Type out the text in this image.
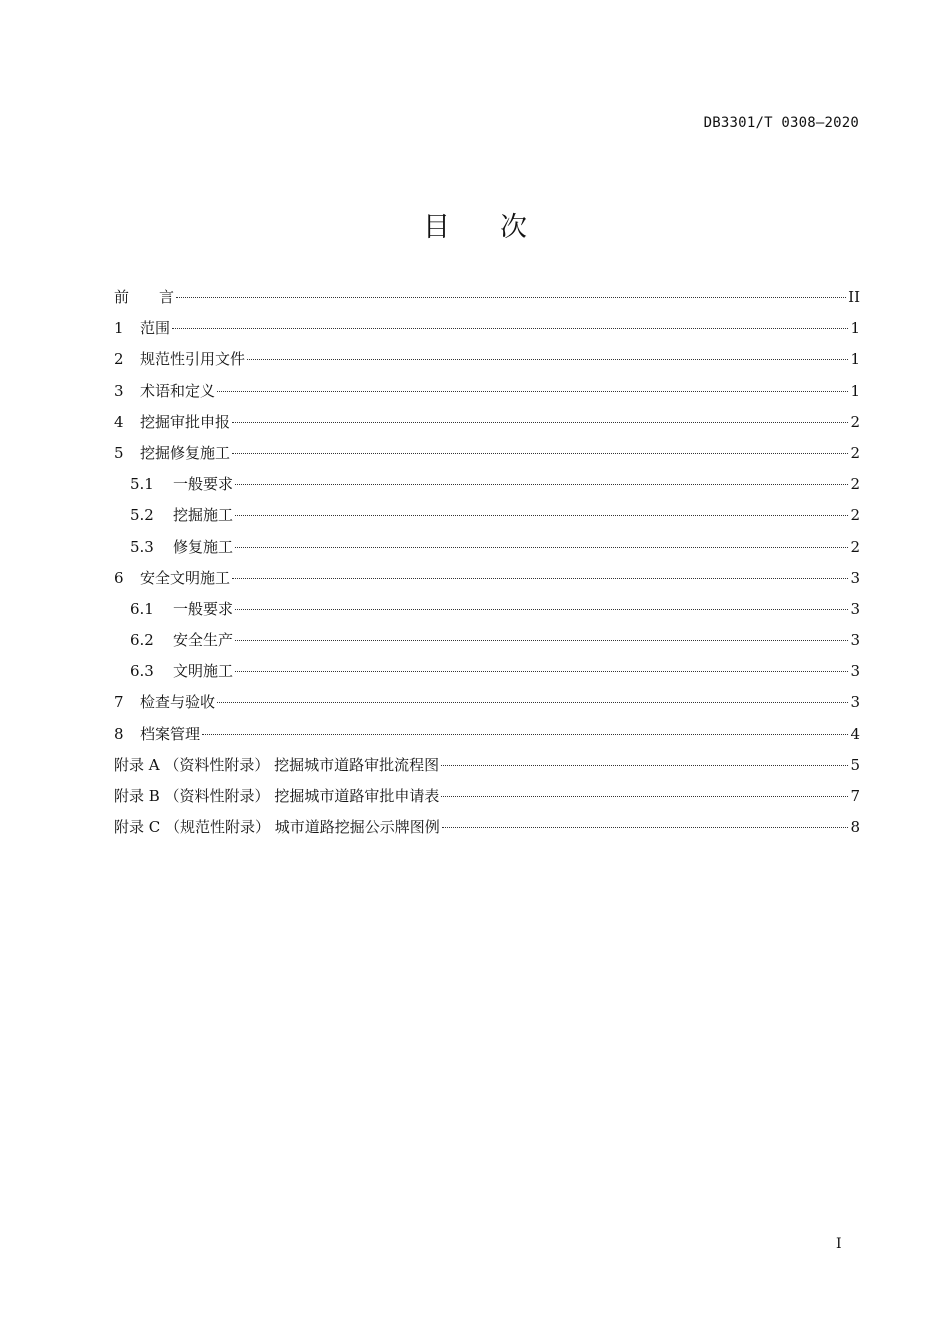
DB3301/T 0308—2020
目 次
前　　言	II
1	范围	1
2	规范性引用文件	1
3	术语和定义	1
4	挖掘审批申报	2
5	挖掘修复施工	2
5.1	一般要求	2
5.2	挖掘施工	2
5.3	修复施工	2
6	安全文明施工	3
6.1	一般要求	3
6.2	安全生产	3
6.3	文明施工	3
7	检查与验收	3
8	档案管理	4
附录 A （资料性附录） 挖掘城市道路审批流程图	5
附录 B （资料性附录） 挖掘城市道路审批申请表	7
附录 C （规范性附录） 城市道路挖掘公示牌图例	8
I
